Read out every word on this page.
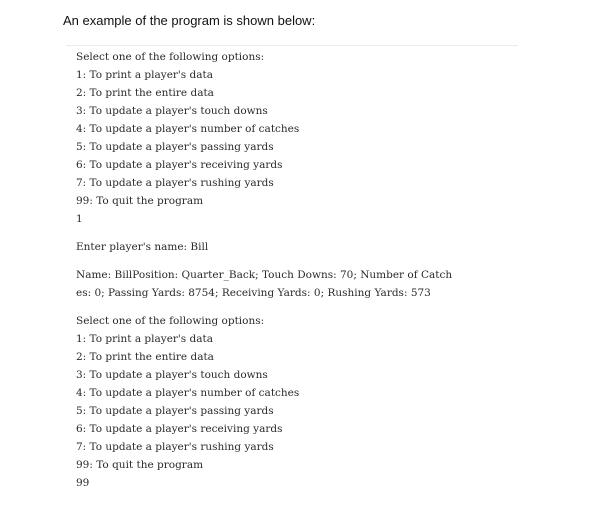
An example of the program is shown below:

Select one of the following options:
1: To print a player's data
2: To print the entire data
3: To update a player's touch downs
4: To update a player's number of catches
5: To update a player's passing yards
6: To update a player's receiving yards
7: To update a player's rushing yards
99: To quit the program
1
Enter player's name: Bill
Name: BillPosition: Quarter_Back; Touch Downs: 70; Number of Catches: 0; Passing Yards: 8754; Receiving Yards: 0; Rushing Yards: 573
Select one of the following options:
1: To print a player's data
2: To print the entire data
3: To update a player's touch downs
4: To update a player's number of catches
5: To update a player's passing yards
6: To update a player's receiving yards
7: To update a player's rushing yards
99: To quit the program
99
